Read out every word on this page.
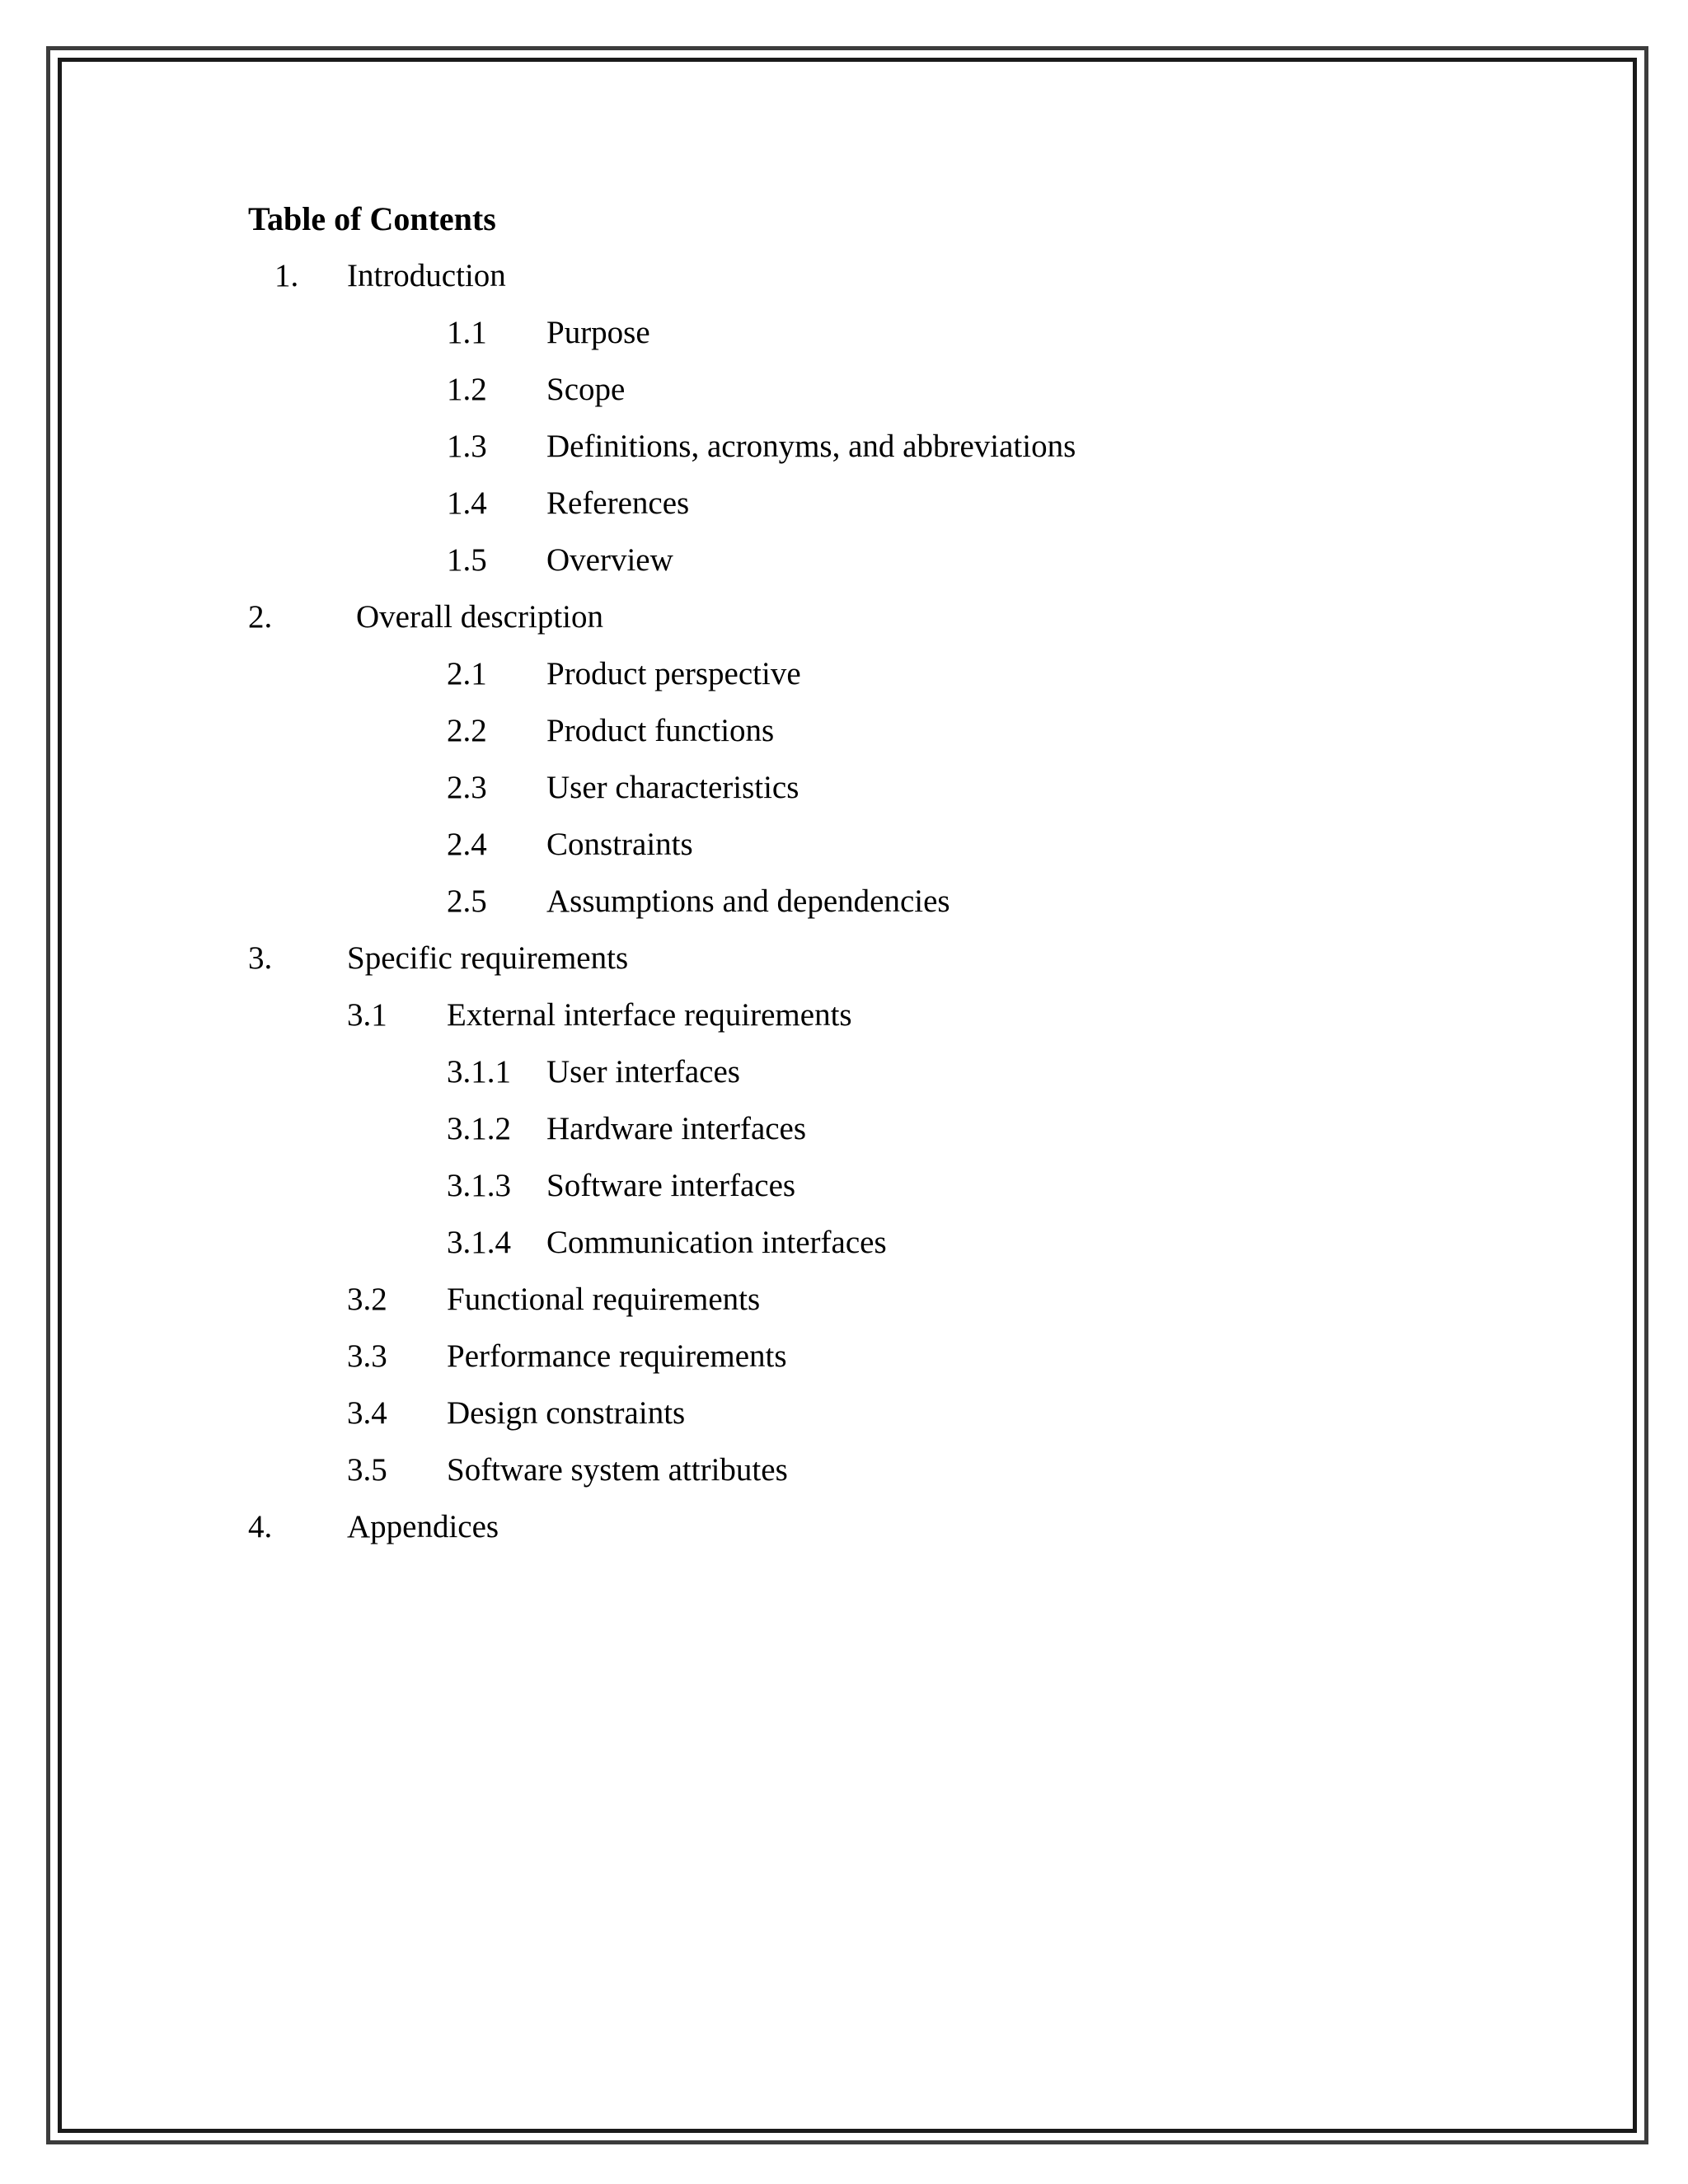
Table of Contents
1. Introduction
1.1 Purpose
1.2 Scope
1.3 Definitions, acronyms, and abbreviations
1.4 References
1.5 Overview
2.	Overall description
2.1 Product perspective
2.2 Product functions
2.3 User characteristics
2.4 Constraints
2.5 Assumptions and dependencies
3. Specific requirements
3.1 External interface requirements
3.1.1 User interfaces
3.1.2 Hardware interfaces
3.1.3 Software interfaces
3.1.4 Communication interfaces
3.2 Functional requirements
3.3 Performance requirements
3.4 Design constraints
3.5 Software system attributes
4. Appendices
